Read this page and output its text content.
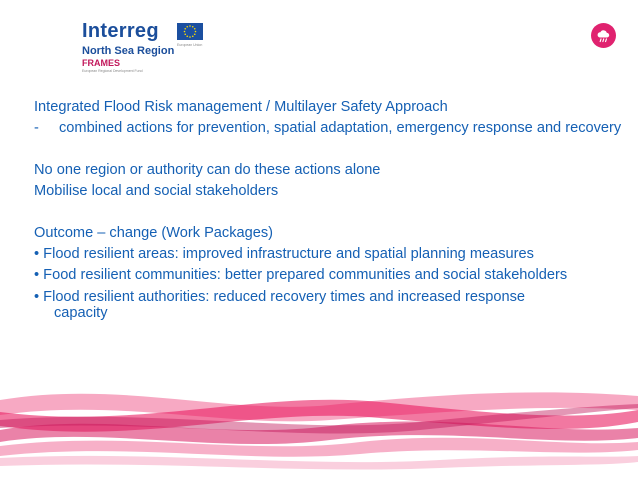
Interreg
European Union
North Sea Region
FRAMES
European Regional Development Fund
Integrated Flood Risk management / Multilayer Safety Approach
-	combined actions for prevention, spatial adaptation, emergency response and recovery
No one region or authority can do these actions alone
Mobilise local and social stakeholders
Outcome – change (Work Packages)
• Flood resilient areas: improved infrastructure and spatial planning measures
• Food resilient communities: better prepared communities and social stakeholders
• Flood resilient authorities: reduced recovery times and increased response
capacity
